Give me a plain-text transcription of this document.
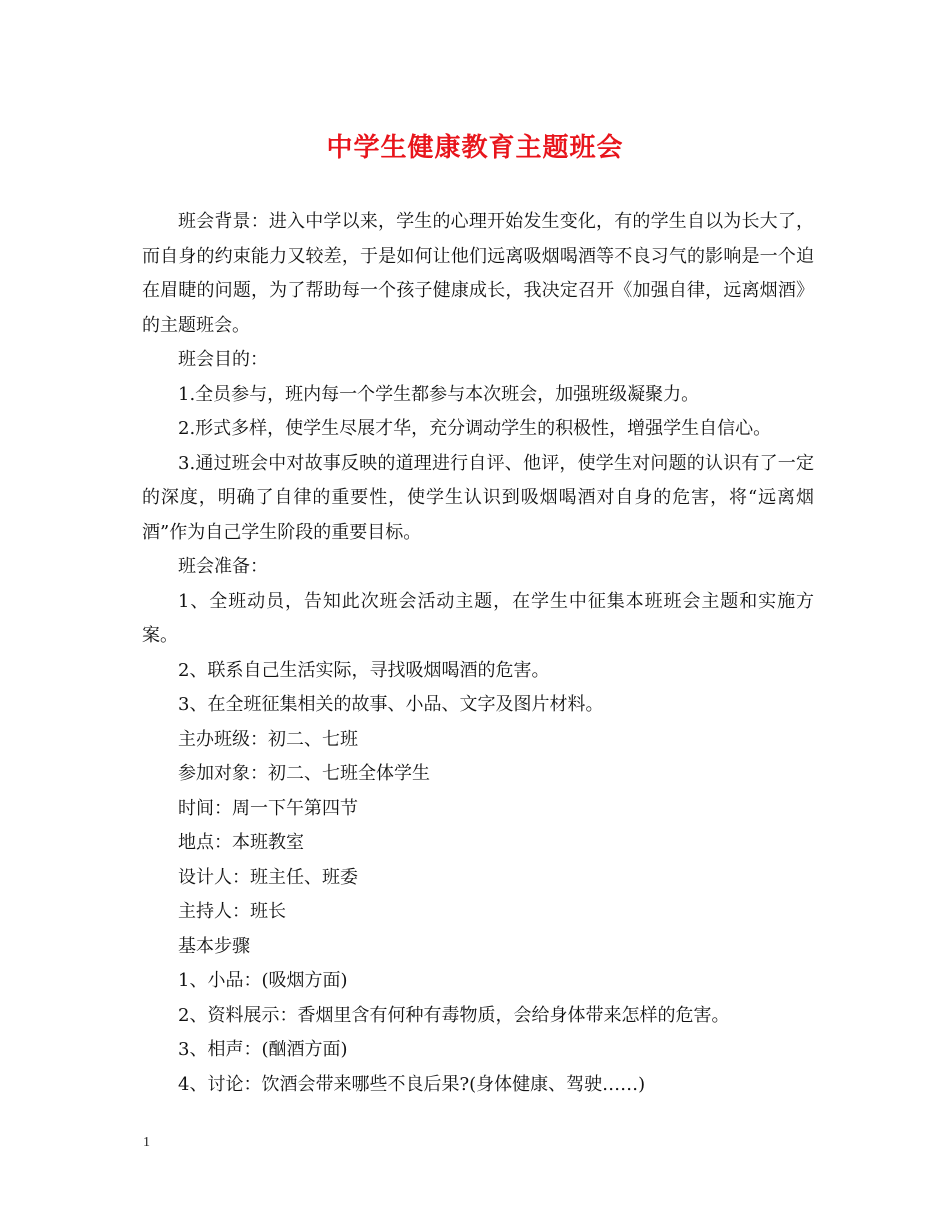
中学生健康教育主题班会

班会背景：进入中学以来，学生的心理开始发生变化，有的学生自以为长大了，而自身的约束能力又较差，于是如何让他们远离吸烟喝酒等不良习气的影响是一个迫在眉睫的问题，为了帮助每一个孩子健康成长，我决定召开《加强自律，远离烟酒》的主题班会。

班会目的：

1.全员参与，班内每一个学生都参与本次班会，加强班级凝聚力。

2.形式多样，使学生尽展才华，充分调动学生的积极性，增强学生自信心。

3.通过班会中对故事反映的道理进行自评、他评，使学生对问题的认识有了一定的深度，明确了自律的重要性，使学生认识到吸烟喝酒对自身的危害，将“远离烟酒”作为自己学生阶段的重要目标。

班会准备：

1、全班动员，告知此次班会活动主题，在学生中征集本班班会主题和实施方案。

2、联系自己生活实际，寻找吸烟喝酒的危害。

3、在全班征集相关的故事、小品、文字及图片材料。

主办班级：初二、七班

参加对象：初二、七班全体学生

时间：周一下午第四节

地点：本班教室

设计人：班主任、班委

主持人：班长

基本步骤

1、小品：(吸烟方面)

2、资料展示：香烟里含有何种有毒物质，会给身体带来怎样的危害。

3、相声：(酗酒方面)

4、讨论：饮酒会带来哪些不良后果?(身体健康、驾驶……)

1
